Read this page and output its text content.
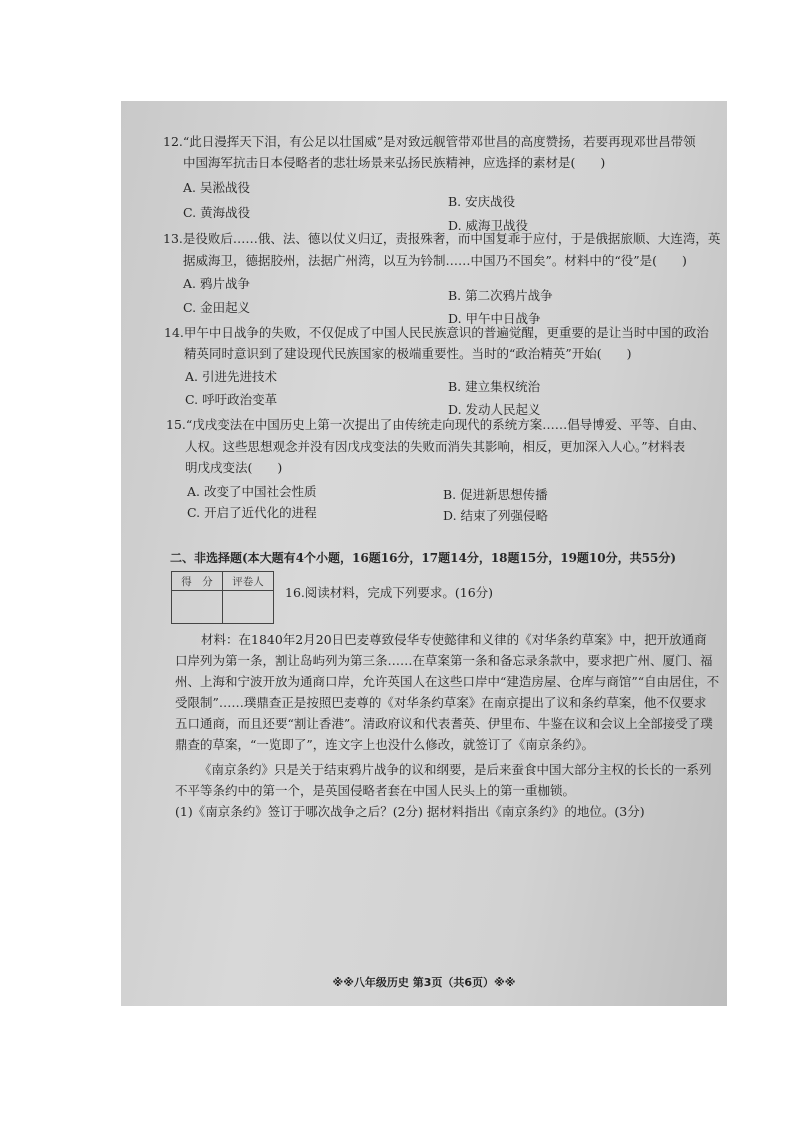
12.“此日漫挥天下泪，有公足以壮国威”是对致远舰管带邓世昌的高度赞扬，若要再现邓世昌带领
中国海军抗击日本侵略者的悲壮场景来弘扬民族精神，应选择的素材是(　　)
A. 吴淞战役
B. 安庆战役
C. 黄海战役
D. 威海卫战役
13.是役败后……俄、法、德以仗义归辽，责报殊奢，而中国复乖于应付，于是俄据旅顺、大连湾，英
据威海卫，德据胶州，法据广州湾，以互为钤制……中国乃不国矣”。材料中的“役”是(　　)
A. 鸦片战争
B. 第二次鸦片战争
C. 金田起义
D. 甲午中日战争
14.甲午中日战争的失败，不仅促成了中国人民民族意识的普遍觉醒，更重要的是让当时中国的政治
精英同时意识到了建设现代民族国家的极端重要性。当时的“政治精英”开始(　　)
A. 引进先进技术
B. 建立集权统治
C. 呼吁政治变革
D. 发动人民起义
15.“戊戌变法在中国历史上第一次提出了由传统走向现代的系统方案……倡导博爱、平等、自由、
人权。这些思想观念并没有因戊戌变法的失败而消失其影响，相反，更加深入人心。”材料表
明戊戌变法(　　)
A. 改变了中国社会性质	B. 促进新思想传播
C. 开启了近代化的进程	D. 结束了列强侵略
二、非选择题(本大题有4个小题，16题16分，17题14分，18题15分，19题10分，共55分)
得　分	评卷人

16.阅读材料，完成下列要求。(16分)
材料：在1840年2月20日巴麦尊致侵华专使懿律和义律的《对华条约草案》中，把开放通商
口岸列为第一条，割让岛屿列为第三条……在草案第一条和备忘录条款中，要求把广州、厦门、福
州、上海和宁波开放为通商口岸，允许英国人在这些口岸中“建造房屋、仓库与商馆”“自由居住，不
受限制”……璞鼎查正是按照巴麦尊的《对华条约草案》在南京提出了议和条约草案，他不仅要求
五口通商，而且还要“割让香港”。清政府议和代表耆英、伊里布、牛鉴在议和会议上全部接受了璞
鼎查的草案，“一览即了”，连文字上也没什么修改，就签订了《南京条约》。
《南京条约》只是关于结束鸦片战争的议和纲要，是后来蚕食中国大部分主权的长长的一系列
不平等条约中的第一个，是英国侵略者套在中国人民头上的第一重枷锁。
(1)《南京条约》签订于哪次战争之后？(2分) 据材料指出《南京条约》的地位。(3分)
※※八年级历史 第3页（共6页）※※
